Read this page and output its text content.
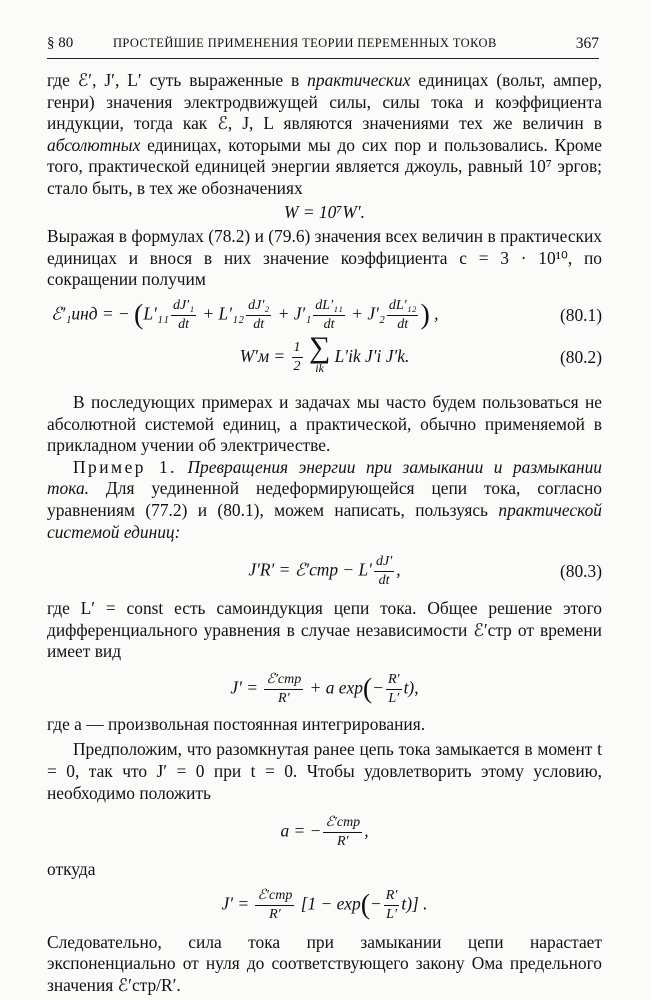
§ 80	ПРОСТЕЙШИЕ ПРИМЕНЕНИЯ ТЕОРИИ ПЕРЕМЕННЫХ ТОКОВ	367

где ℰ′, J′, L′ суть выраженные в практических единицах (вольт, ампер, генри) значения электродвижущей силы, силы тока и коэффициента индукции, тогда как ℰ, J, L являются значениями тех же величин в абсолютных единицах, которыми мы до сих пор и пользовались. Кроме того, практической единицей энергии является джоуль, равный 10⁷ эргов; стало быть, в тех же обозначениях

W = 10⁷W′.

Выражая в формулах (78.2) и (79.6) значения всех величин в практических единицах и внося в них значение коэффициента c = 3 · 10¹⁰, по сокращении получим

ℰ′₁инд = − ($L'_{11} \frac{\text{dJ′₁}}{dt} + L'_{12} \frac{\text{dJ′₂}}{dt} + J'_1 \frac{\text{dL′₁₁}}{dt} + J'_2 \frac{\text{dL′₁₂}}{dt}$ ) ,	(80.1)
$W'м = \frac{1}{2}$
∑
ik
L′ik J′i J′k.	(80.2)

В последующих примерах и задачах мы часто будем пользоваться не абсолютной системой единиц, а практической, обычно применяемой в прикладном учении об электричестве.

Пример 1. Превращения энергии при замыкании и размыкании тока. Для уединенной недеформирующейся цепи тока, согласно уравнениям (77.2) и (80.1), можем написать, пользуясь практической системой единиц:

J′R′ = ℰ′стр − $L' \frac{dJ'}{dt}$ ,	(80.3)

где L′ = const есть самоиндукция цепи тока. Общее решение этого дифференциального уравнения в случае независимости ℰ′стр от времени имеет вид

$J' = \frac{\text{ℰ′стр}}{R'} + a$ $\exp(- \frac{R'}{L'} t)$,

где a — произвольная постоянная интегрирования.

Предположим, что разомкнутая ранее цепь тока замыкается в момент t = 0, так что J′ = 0 при t = 0. Чтобы удовлетворить этому условию, необходимо положить

a = − $\frac{\text{ℰ′стр}}{R'}$ ,

откуда

$J' = \frac{\text{ℰ′стр}}{R'} [1 - \exp(- \frac{R'}{L'} t)]$ .

Следовательно, сила тока при замыкании цепи нарастает экспоненциально от нуля до соответствующего закону Ома предельного значения ℰ′стр/R′.
